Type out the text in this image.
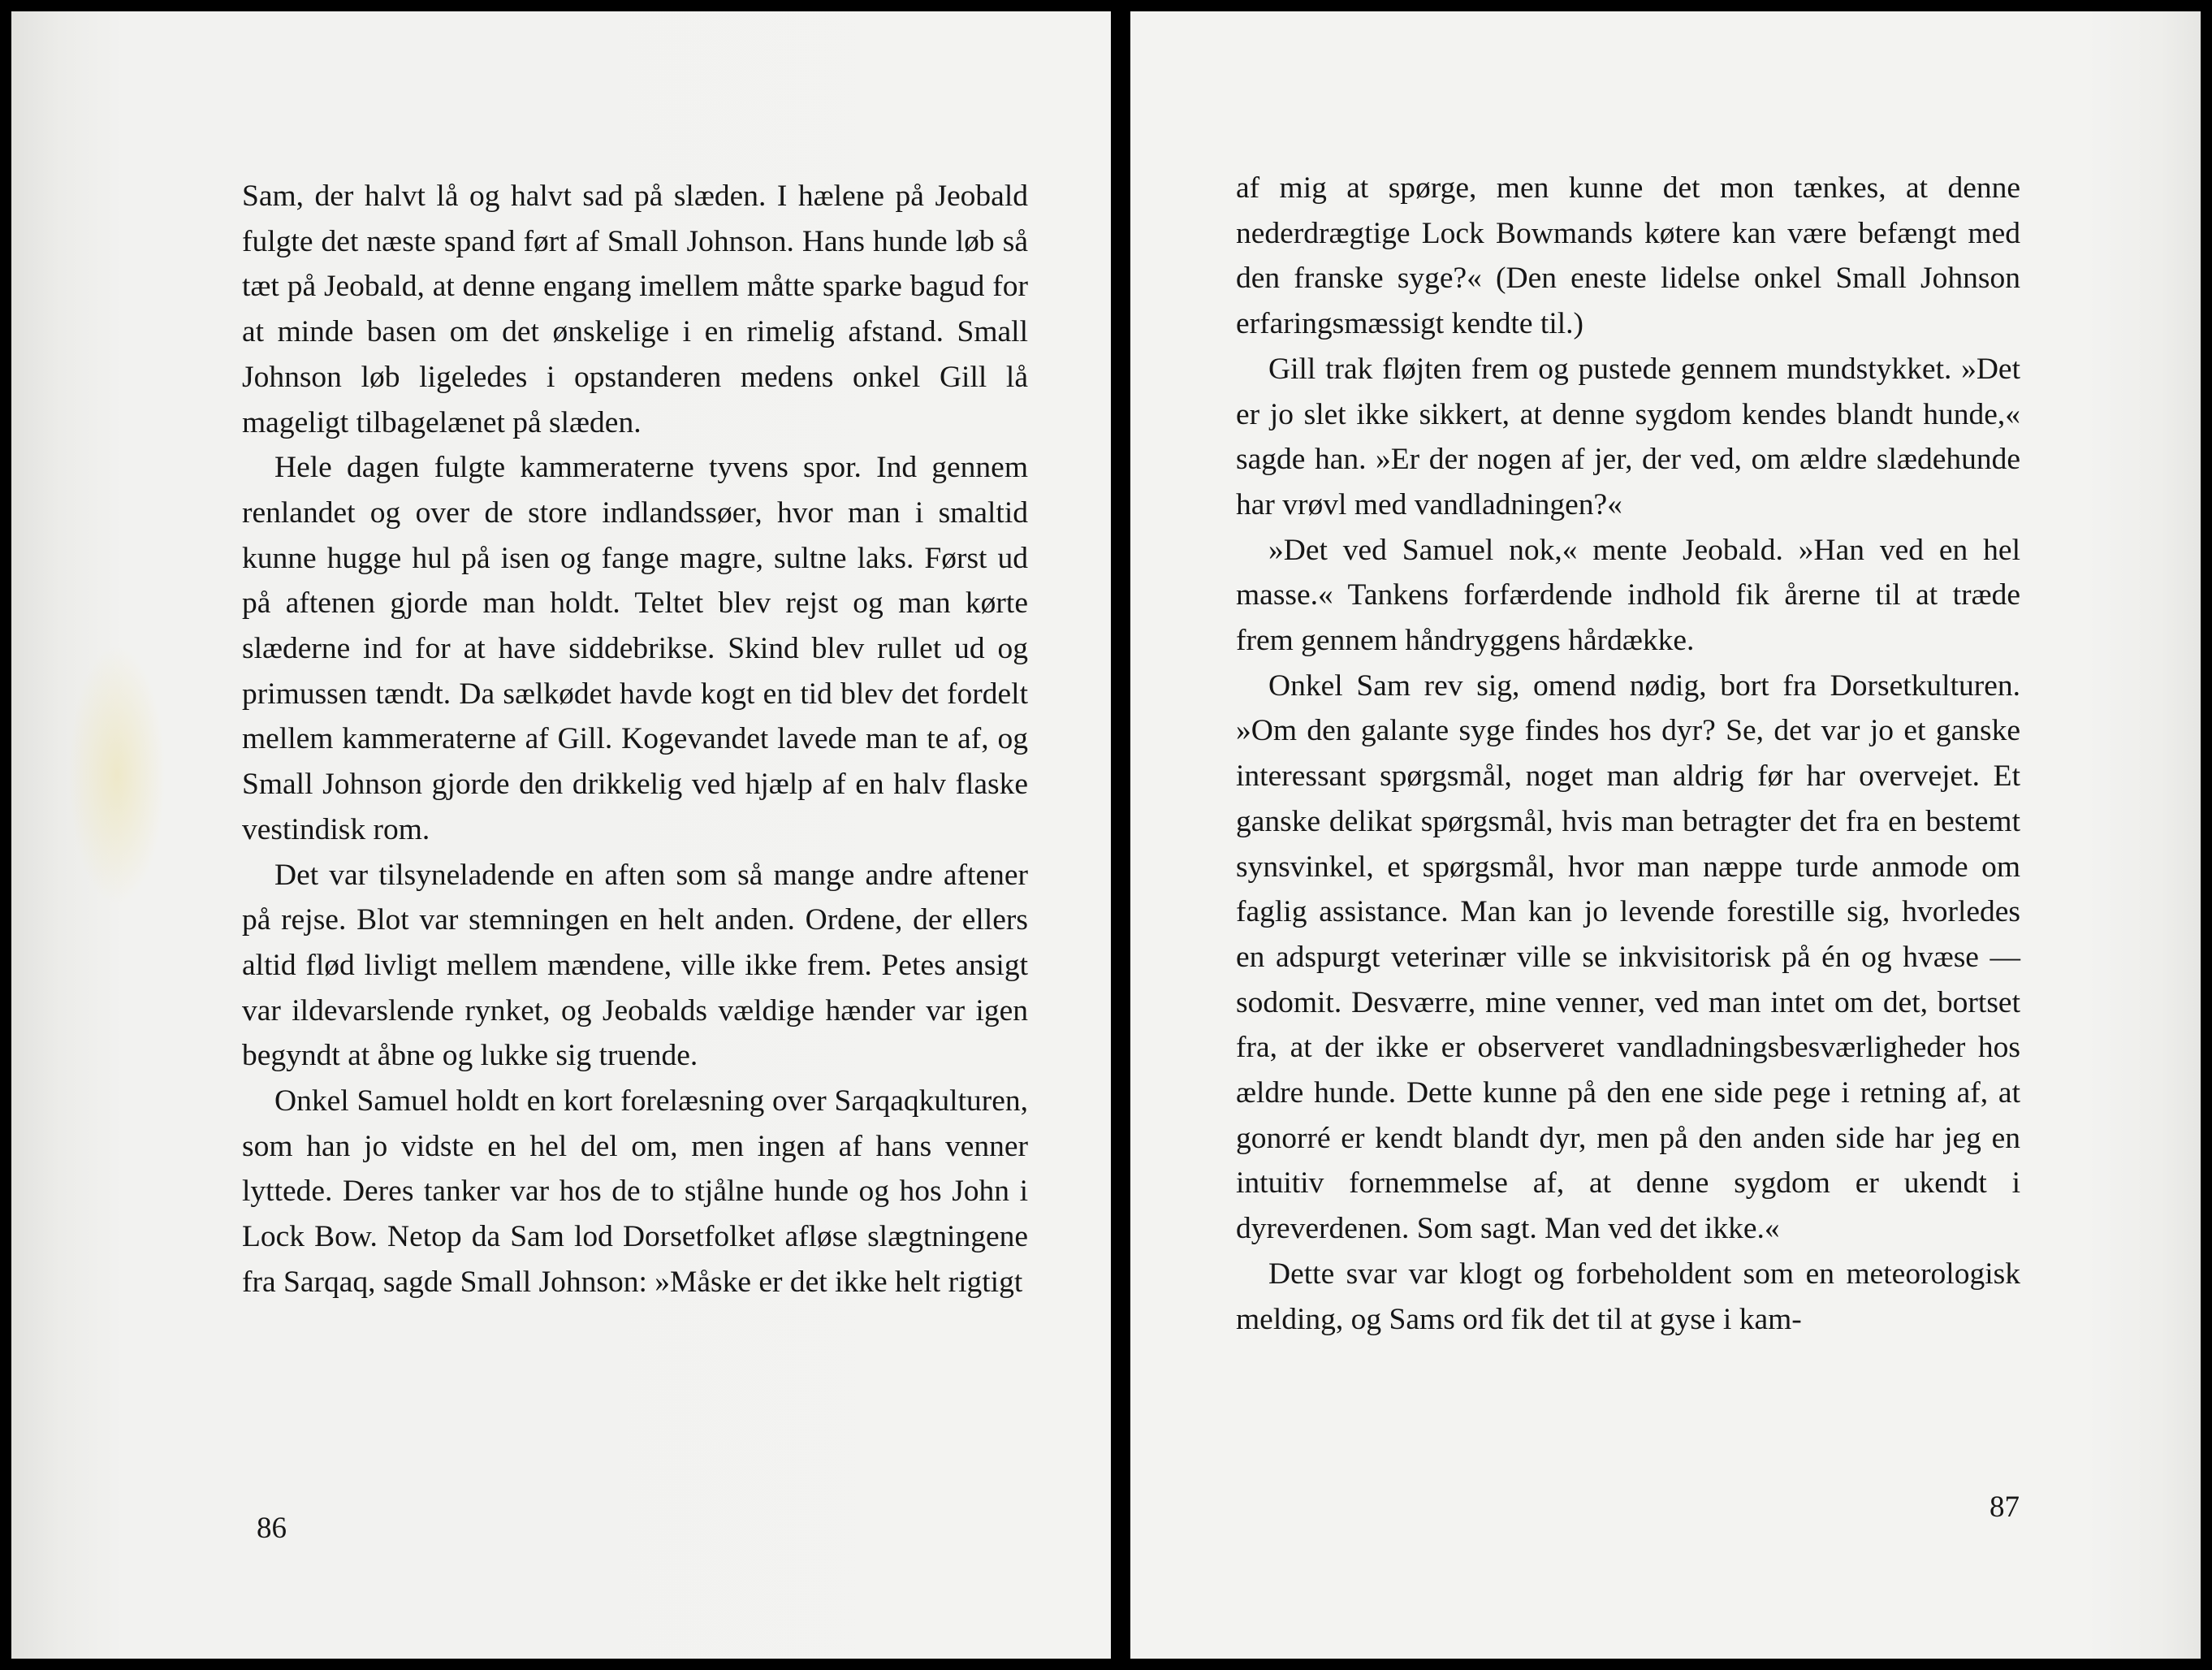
Sam, der halvt lå og halvt sad på slæden. I hælene på Jeobald fulgte det næste spand ført af Small Johnson. Hans hunde løb så tæt på Jeobald, at denne engang imellem måtte sparke bagud for at minde basen om det ønskelige i en rimelig afstand. Small Johnson løb ligeledes i opstanderen medens onkel Gill lå mageligt tilbagelænet på slæden.

Hele dagen fulgte kammeraterne tyvens spor. Ind gennem renlandet og over de store indlandssøer, hvor man i smaltid kunne hugge hul på isen og fange magre, sultne laks. Først ud på aftenen gjorde man holdt. Teltet blev rejst og man kørte slæderne ind for at have siddebrikse. Skind blev rullet ud og primussen tændt. Da sælkødet havde kogt en tid blev det fordelt mellem kammeraterne af Gill. Kogevandet lavede man te af, og Small Johnson gjorde den drikkelig ved hjælp af en halv flaske vestindisk rom.

Det var tilsyneladende en aften som så mange andre aftener på rejse. Blot var stemningen en helt anden. Ordene, der ellers altid flød livligt mellem mændene, ville ikke frem. Petes ansigt var ildevarslende rynket, og Jeobalds vældige hænder var igen begyndt at åbne og lukke sig truende.

Onkel Samuel holdt en kort forelæsning over Sarqaqkulturen, som han jo vidste en hel del om, men ingen af hans venner lyttede. Deres tanker var hos de to stjålne hunde og hos John i Lock Bow. Netop da Sam lod Dorsetfolket afløse slægtningene fra Sarqaq, sagde Small Johnson: »Måske er det ikke helt rigtigt

86

af mig at spørge, men kunne det mon tænkes, at denne nederdrægtige Lock Bowmands køtere kan være befængt med den franske syge?« (Den eneste lidelse onkel Small Johnson erfaringsmæssigt kendte til.)

Gill trak fløjten frem og pustede gennem mundstykket. »Det er jo slet ikke sikkert, at denne sygdom kendes blandt hunde,« sagde han. »Er der nogen af jer, der ved, om ældre slædehunde har vrøvl med vandladningen?«

»Det ved Samuel nok,« mente Jeobald. »Han ved en hel masse.« Tankens forfærdende indhold fik årerne til at træde frem gennem håndryggens hårdække.

Onkel Sam rev sig, omend nødig, bort fra Dorsetkulturen. »Om den galante syge findes hos dyr? Se, det var jo et ganske interessant spørgsmål, noget man aldrig før har overvejet. Et ganske delikat spørgsmål, hvis man betragter det fra en bestemt synsvinkel, et spørgsmål, hvor man næppe turde anmode om faglig assistance. Man kan jo levende forestille sig, hvorledes en adspurgt veterinær ville se inkvisitorisk på én og hvæse — sodomit. Desværre, mine venner, ved man intet om det, bortset fra, at der ikke er observeret vandladningsbesværligheder hos ældre hunde. Dette kunne på den ene side pege i retning af, at gonorré er kendt blandt dyr, men på den anden side har jeg en intuitiv fornemmelse af, at denne sygdom er ukendt i dyreverdenen. Som sagt. Man ved det ikke.«

Dette svar var klogt og forbeholdent som en meteorologisk melding, og Sams ord fik det til at gyse i kam-

87
